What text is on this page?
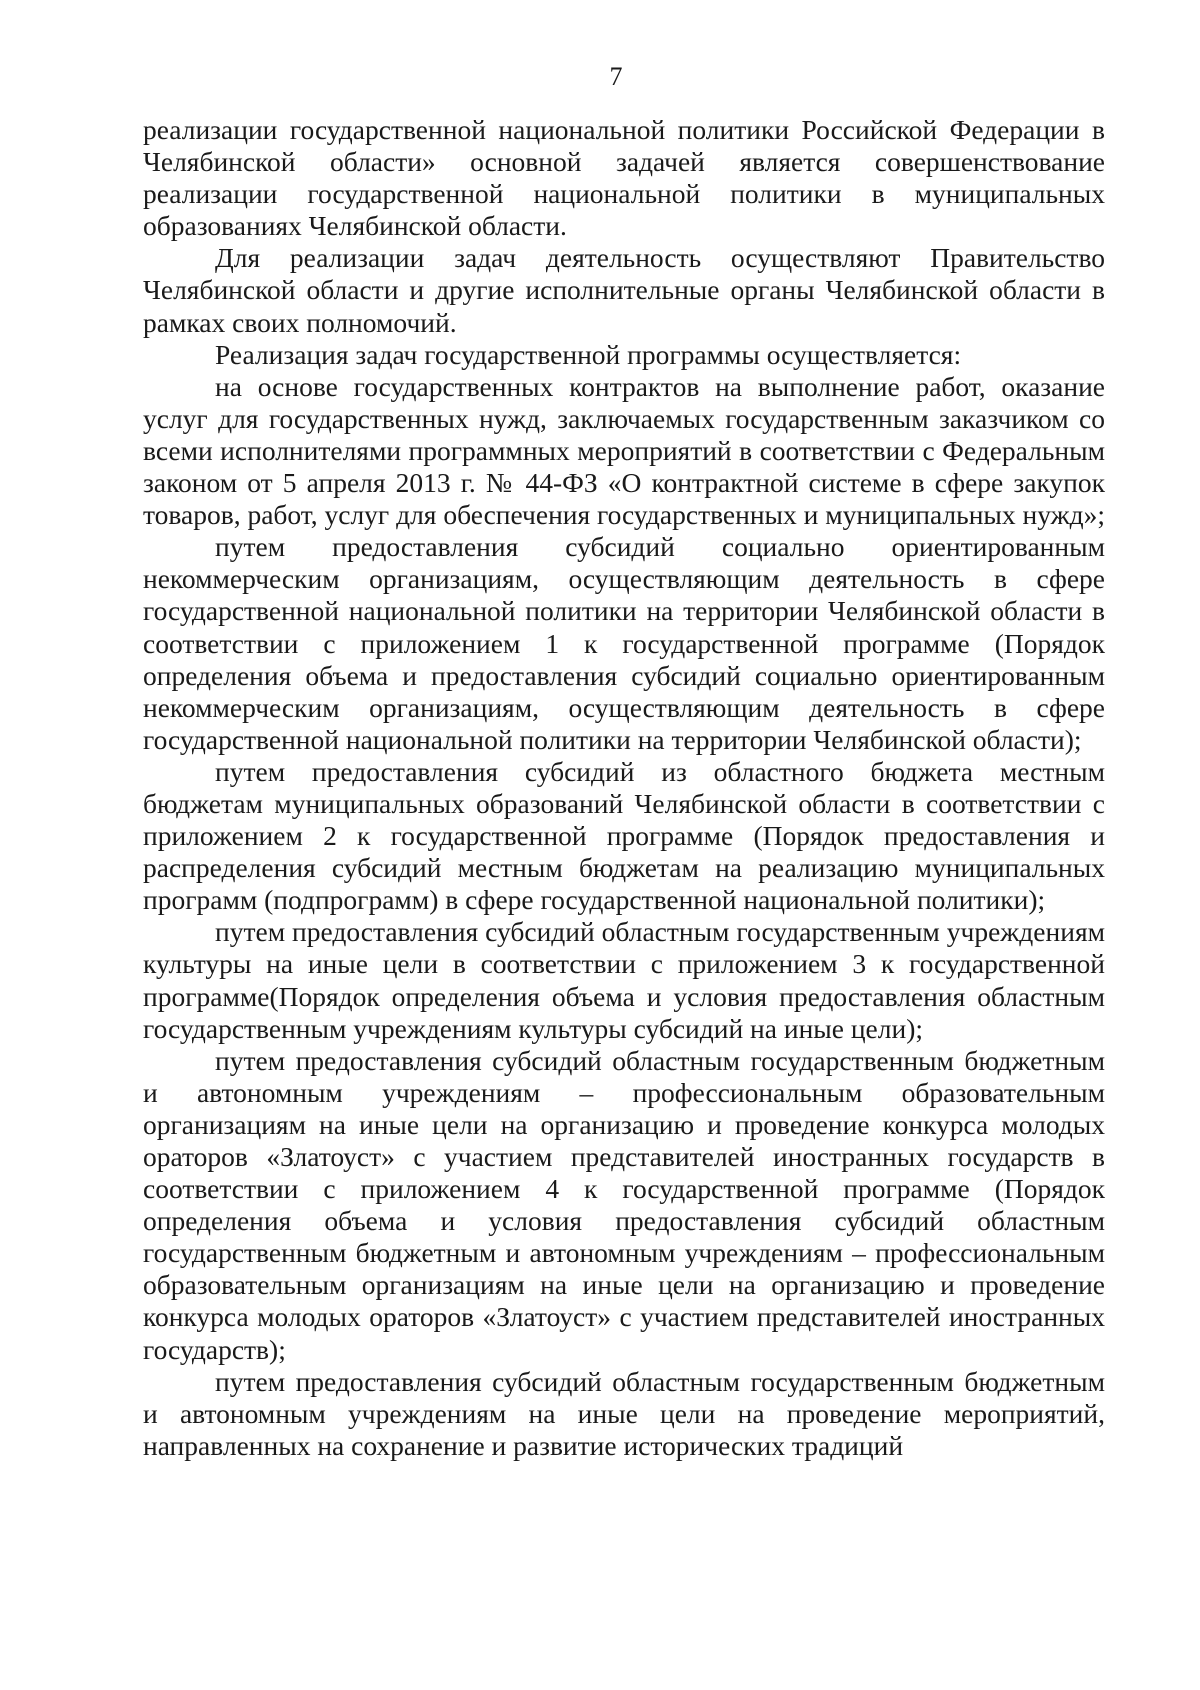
7

реализации государственной национальной политики Российской Федерации в Челябинской области» основной задачей является совершенствование реализации государственной национальной политики в муниципальных образованиях Челябинской области.

Для реализации задач деятельность осуществляют Правительство Челябинской области и другие исполнительные органы Челябинской области в рамках своих полномочий.

Реализация задач государственной программы осуществляется:

на основе государственных контрактов на выполнение работ, оказание услуг для государственных нужд, заключаемых государственным заказчиком со всеми исполнителями программных мероприятий в соответствии с Федеральным законом от 5 апреля 2013 г. № 44-ФЗ «О контрактной системе в сфере закупок товаров, работ, услуг для обеспечения государственных и муниципальных нужд»;

путем предоставления субсидий социально ориентированным некоммерческим организациям, осуществляющим деятельность в сфере государственной национальной политики на территории Челябинской области в соответствии с приложением 1 к государственной программе (Порядок определения объема и предоставления субсидий социально ориентированным некоммерческим организациям, осуществляющим деятельность в сфере государственной национальной политики на территории Челябинской области);

путем предоставления субсидий из областного бюджета местным бюджетам муниципальных образований Челябинской области в соответствии с приложением 2 к государственной программе (Порядок предоставления и распределения субсидий местным бюджетам на реализацию муниципальных программ (подпрограмм) в сфере государственной национальной политики);

путем предоставления субсидий областным государственным учреждениям культуры на иные цели в соответствии с приложением 3 к государственной программе(Порядок определения объема и условия предоставления областным государственным учреждениям культуры субсидий на иные цели);

путем предоставления субсидий областным государственным бюджетным и автономным учреждениям – профессиональным образовательным организациям на иные цели на организацию и проведение конкурса молодых ораторов «Златоуст» с участием представителей иностранных государств в соответствии с приложением 4 к государственной программе (Порядок определения объема и условия предоставления субсидий областным государственным бюджетным и автономным учреждениям – профессиональным образовательным организациям на иные цели на организацию и проведение конкурса молодых ораторов «Златоуст» с участием представителей иностранных государств);

путем предоставления субсидий областным государственным бюджетным и автономным учреждениям на иные цели на проведение мероприятий, направленных на сохранение и развитие исторических традиций
